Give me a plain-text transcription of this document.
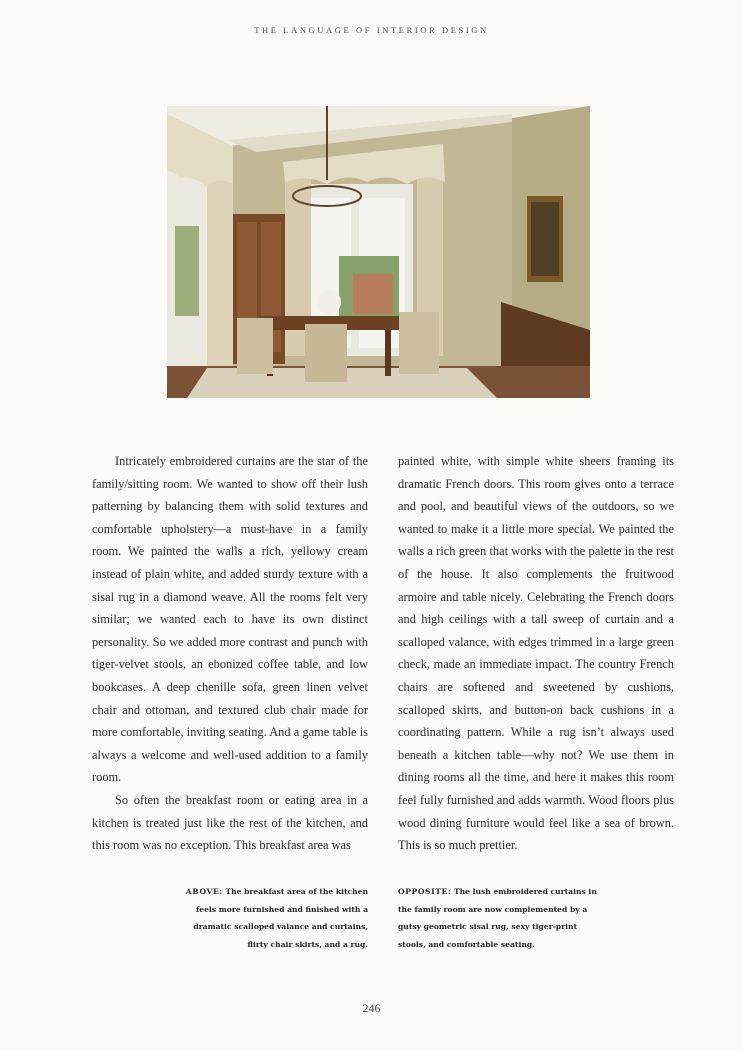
THE LANGUAGE OF INTERIOR DESIGN

Intricately embroidered curtains are the star of the family/sitting room. We wanted to show off their lush patterning by balancing them with solid textures and comfortable upholstery—a must-have in a family room. We painted the walls a rich, yellowy cream instead of plain white, and added sturdy texture with a sisal rug in a diamond weave. All the rooms felt very similar; we wanted each to have its own distinct personality. So we added more contrast and punch with tiger-velvet stools, an ebonized coffee table, and low bookcases. A deep chenille sofa, green linen velvet chair and ottoman, and textured club chair made for more comfortable, inviting seating. And a game table is always a welcome and well-used addition to a family room.

So often the breakfast room or eating area in a kitchen is treated just like the rest of the kitchen, and this room was no exception. This breakfast area was

painted white, with simple white sheers framing its dramatic French doors. This room gives onto a terrace and pool, and beautiful views of the outdoors, so we wanted to make it a little more special. We painted the walls a rich green that works with the palette in the rest of the house. It also complements the fruitwood armoire and table nicely. Celebrating the French doors and high ceilings with a tall sweep of curtain and a scalloped valance, with edges trimmed in a large green check, made an immediate impact. The country French chairs are softened and sweetened by cushions, scalloped skirts, and button-on back cushions in a coordinating pattern. While a rug isn’t always used beneath a kitchen table—why not? We use them in dining rooms all the time, and here it makes this room feel fully furnished and adds warmth. Wood floors plus wood dining furniture would feel like a sea of brown. This is so much prettier.

ABOVE: The breakfast area of the kitchen feels more furnished and finished with a dramatic scalloped valance and curtains, flirty chair skirts, and a rug.
OPPOSITE: The lush embroidered curtains in the family room are now complemented by a gutsy geometric sisal rug, sexy tiger-print stools, and comfortable seating.
246
